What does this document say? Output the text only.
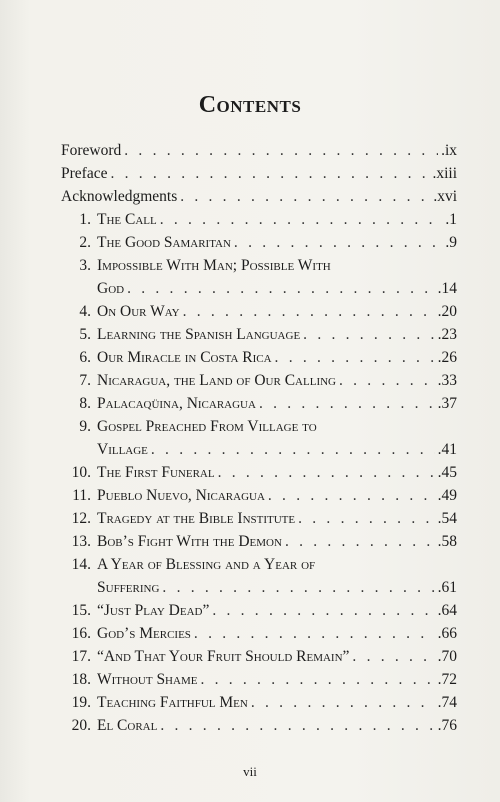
Contents
Foreword . . .	.ix
Preface . . .	.xiii
Acknowledgments . . .	.xvi
1. The Call . . .	.1
2. The Good Samaritan . . .	.9
3. Impossible With Man; Possible With
God . . .	.14
4. On Our Way . . .	.20
5. Learning the Spanish Language . . .	.23
6. Our Miracle in Costa Rica . . .	.26
7. Nicaragua, the Land of Our Calling . . .	.33
8. Palacaqüina, Nicaragua . . .	.37
9. Gospel Preached From Village to
Village . . .	.41
10. The First Funeral . . .	.45
11. Pueblo Nuevo, Nicaragua . . .	.49
12. Tragedy at the Bible Institute . . .	.54
13. Bob’s Fight With the Demon . . .	.58
14. A Year of Blessing and a Year of
Suffering . . .	.61
15. “Just Play Dead” . . .	.64
16. God’s Mercies . . .	.66
17. “And That Your Fruit Should Remain” . . .	.70
18. Without Shame . . .	.72
19. Teaching Faithful Men . . .	.74
20. El Coral . . .	.76
vii
